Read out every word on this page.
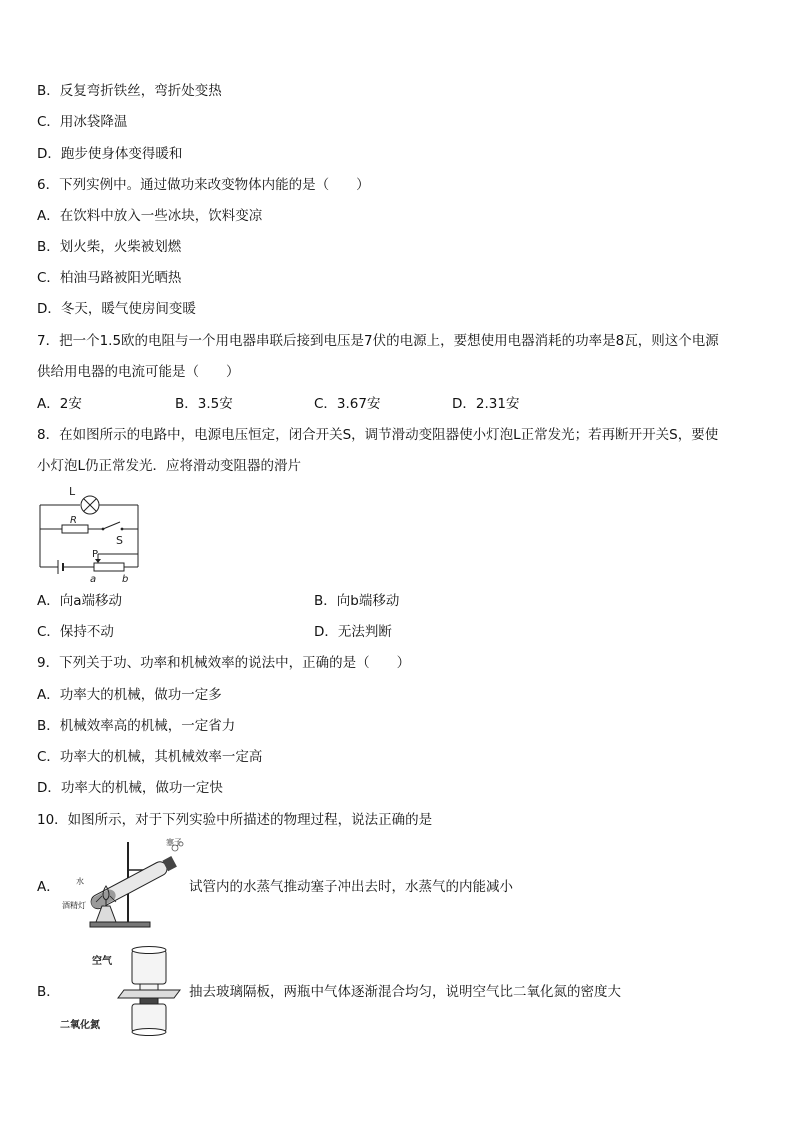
B．反复弯折铁丝，弯折处变热
C．用冰袋降温
D．跑步使身体变得暖和
6．下列实例中。通过做功来改变物体内能的是（　　）
A．在饮料中放入一些冰块，饮料变凉
B．划火柴，火柴被划燃
C．柏油马路被阳光晒热
D．冬天，暖气使房间变暖
7．把一个1.5欧的电阻与一个用电器串联后接到电压是7伏的电源上，要想使用电器消耗的功率是8瓦，则这个电源
供给用电器的电流可能是（　　）
A．2安	B．3.5安	C．3.67安	D．2.31安
8．在如图所示的电路中，电源电压恒定，闭合开关S，调节滑动变阻器使小灯泡L正常发光；若再断开开关S，要使
小灯泡L仍正常发光．应将滑动变阻器的滑片
L
R
S
P
a	b
A．向a端移动	B．向b端移动
C．保持不动	D．无法判断
9．下列关于功、功率和机械效率的说法中，正确的是（　　）
A．功率大的机械，做功一定多
B．机械效率高的机械，一定省力
C．功率大的机械，其机械效率一定高
D．功率大的机械，做功一定快
10．如图所示，对于下列实验中所描述的物理过程，说法正确的是
A．
塞子
水
酒精灯
试管内的水蒸气推动塞子冲出去时，水蒸气的内能减小
B．
空气
二氧化氮
抽去玻璃隔板，两瓶中气体逐渐混合均匀，说明空气比二氧化氮的密度大
